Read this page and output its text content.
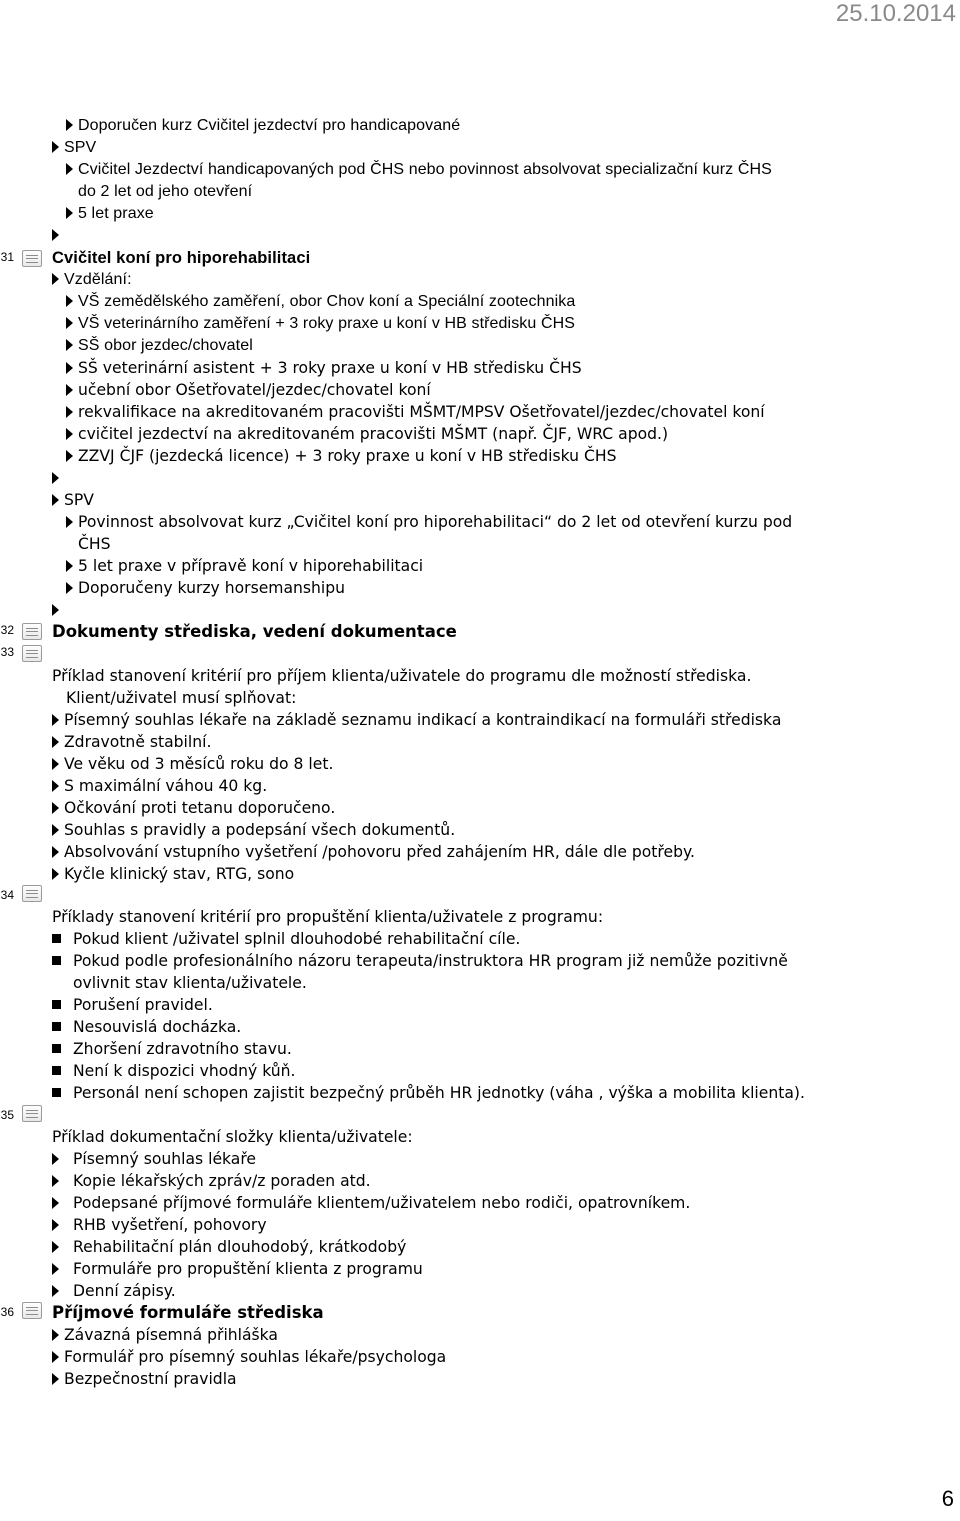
25.10.2014
31
32
33
34
35
36
Doporučen kurz Cvičitel jezdectví pro handicapované
SPV
Cvičitel Jezdectví handicapovaných pod ČHS nebo povinnost absolvovat specializační kurz ČHS
do 2 let od jeho otevření
5 let praxe
Cvičitel koní pro hiporehabilitaci
Vzdělání:
VŠ zemědělského zaměření, obor Chov koní a Speciální zootechnika
VŠ veterinárního zaměření + 3 roky praxe u koní v HB středisku ČHS
SŠ obor jezdec/chovatel
SŠ veterinární asistent + 3 roky praxe u koní v HB středisku ČHS
učební obor Ošetřovatel/jezdec/chovatel koní
rekvalifikace na akreditovaném pracovišti MŠMT/MPSV Ošetřovatel/jezdec/chovatel koní
cvičitel jezdectví na akreditovaném pracovišti MŠMT (např. ČJF, WRC apod.)
ZZVJ ČJF (jezdecká licence) + 3 roky praxe u koní v HB středisku ČHS
SPV
Povinnost absolvovat kurz „Cvičitel koní pro hiporehabilitaci“ do 2 let od otevření kurzu pod
ČHS
5 let praxe v přípravě koní v hiporehabilitaci
Doporučeny kurzy horsemanshipu
Dokumenty střediska, vedení dokumentace
Příklad stanovení kritérií pro příjem klienta/uživatele do programu dle možností střediska.
Klient/uživatel musí splňovat:
Písemný souhlas lékaře na základě seznamu indikací a kontraindikací na formuláři střediska
Zdravotně stabilní.
Ve věku od 3 měsíců roku do 8 let.
S maximální váhou 40 kg.
Očkování proti tetanu doporučeno.
Souhlas s pravidly a podepsání všech dokumentů.
Absolvování vstupního vyšetření /pohovoru před zahájením HR, dále dle potřeby.
Kyčle klinický stav, RTG, sono
Příklady stanovení kritérií pro propuštění klienta/uživatele z programu:
Pokud klient /uživatel splnil dlouhodobé rehabilitační cíle.
Pokud podle profesionálního názoru terapeuta/instruktora HR program již nemůže pozitivně
ovlivnit stav klienta/uživatele.
Porušení pravidel.
Nesouvislá docházka.
Zhoršení zdravotního stavu.
Není k dispozici vhodný kůň.
Personál není schopen zajistit bezpečný průběh HR jednotky (váha , výška a mobilita klienta).
Příklad dokumentační složky klienta/uživatele:
Písemný souhlas lékaře
Kopie lékařských zpráv/z poraden atd.
Podepsané příjmové formuláře klientem/uživatelem nebo rodiči, opatrovníkem.
RHB vyšetření, pohovory
Rehabilitační plán dlouhodobý, krátkodobý
Formuláře pro propuštění klienta z programu
Denní zápisy.
Příjmové formuláře střediska
Závazná písemná přihláška
Formulář pro písemný souhlas lékaře/psychologa
Bezpečnostní pravidla
6
